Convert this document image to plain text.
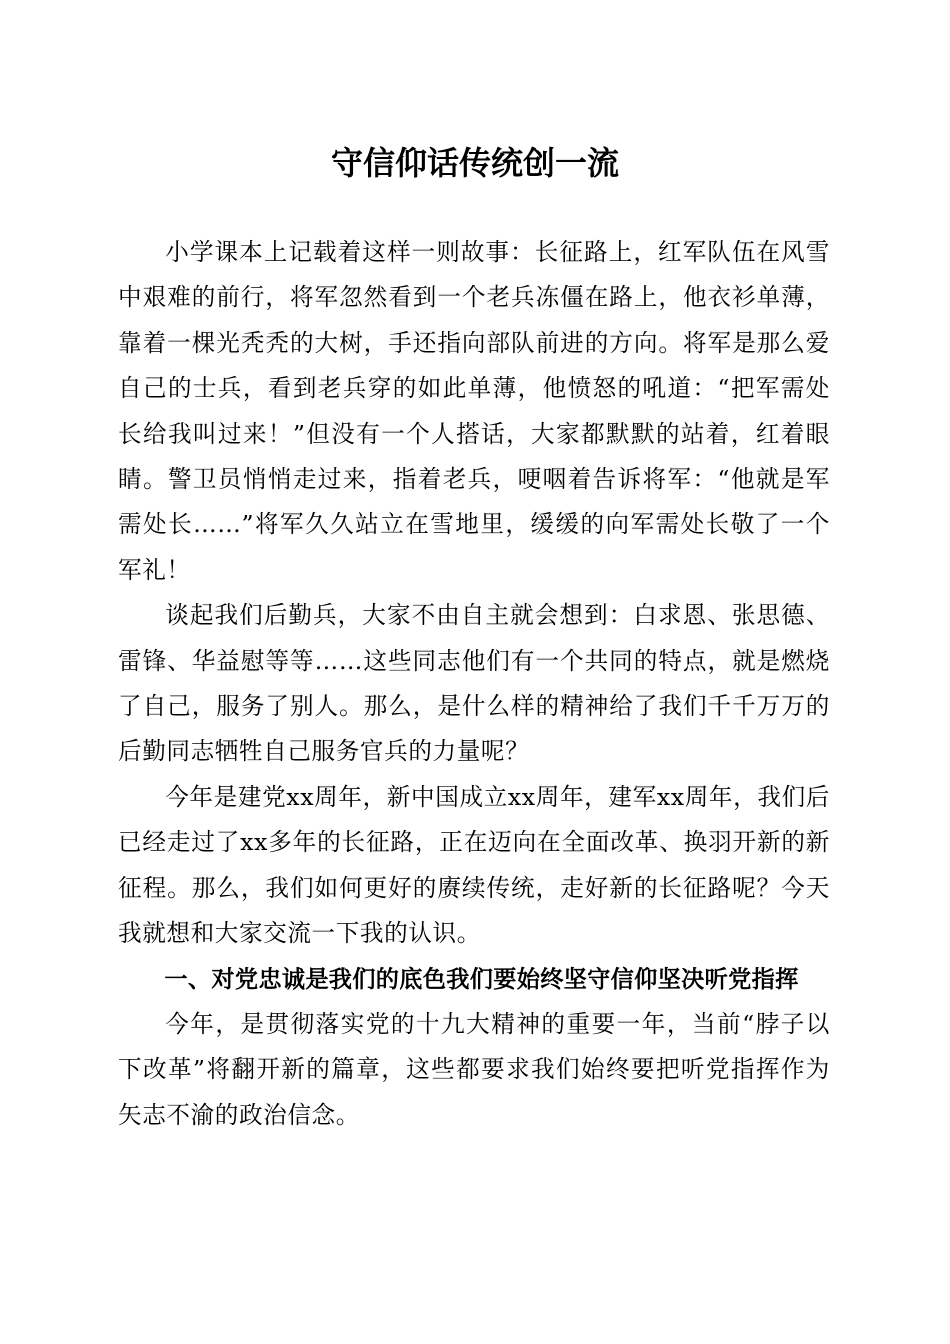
守信仰话传统创一流

小学课本上记载着这样一则故事：长征路上，红军队伍在风雪中艰难的前行，将军忽然看到一个老兵冻僵在路上，他衣衫单薄，靠着一棵光秃秃的大树，手还指向部队前进的方向。将军是那么爱自己的士兵，看到老兵穿的如此单薄，他愤怒的吼道：“把军需处长给我叫过来！”但没有一个人搭话，大家都默默的站着，红着眼睛。警卫员悄悄走过来，指着老兵，哽咽着告诉将军：“他就是军需处长……”将军久久站立在雪地里，缓缓的向军需处长敬了一个军礼！

谈起我们后勤兵，大家不由自主就会想到：白求恩、张思德、雷锋、华益慰等等……这些同志他们有一个共同的特点，就是燃烧了自己，服务了别人。那么，是什么样的精神给了我们千千万万的后勤同志牺牲自己服务官兵的力量呢？

今年是建党xx周年，新中国成立xx周年，建军xx周年，我们后已经走过了xx多年的长征路，正在迈向在全面改革、换羽开新的新征程。那么，我们如何更好的赓续传统，走好新的长征路呢？今天我就想和大家交流一下我的认识。

一、对党忠诚是我们的底色我们要始终坚守信仰坚决听党指挥

今年，是贯彻落实党的十九大精神的重要一年，当前“脖子以下改革”将翻开新的篇章，这些都要求我们始终要把听党指挥作为矢志不渝的政治信念。
